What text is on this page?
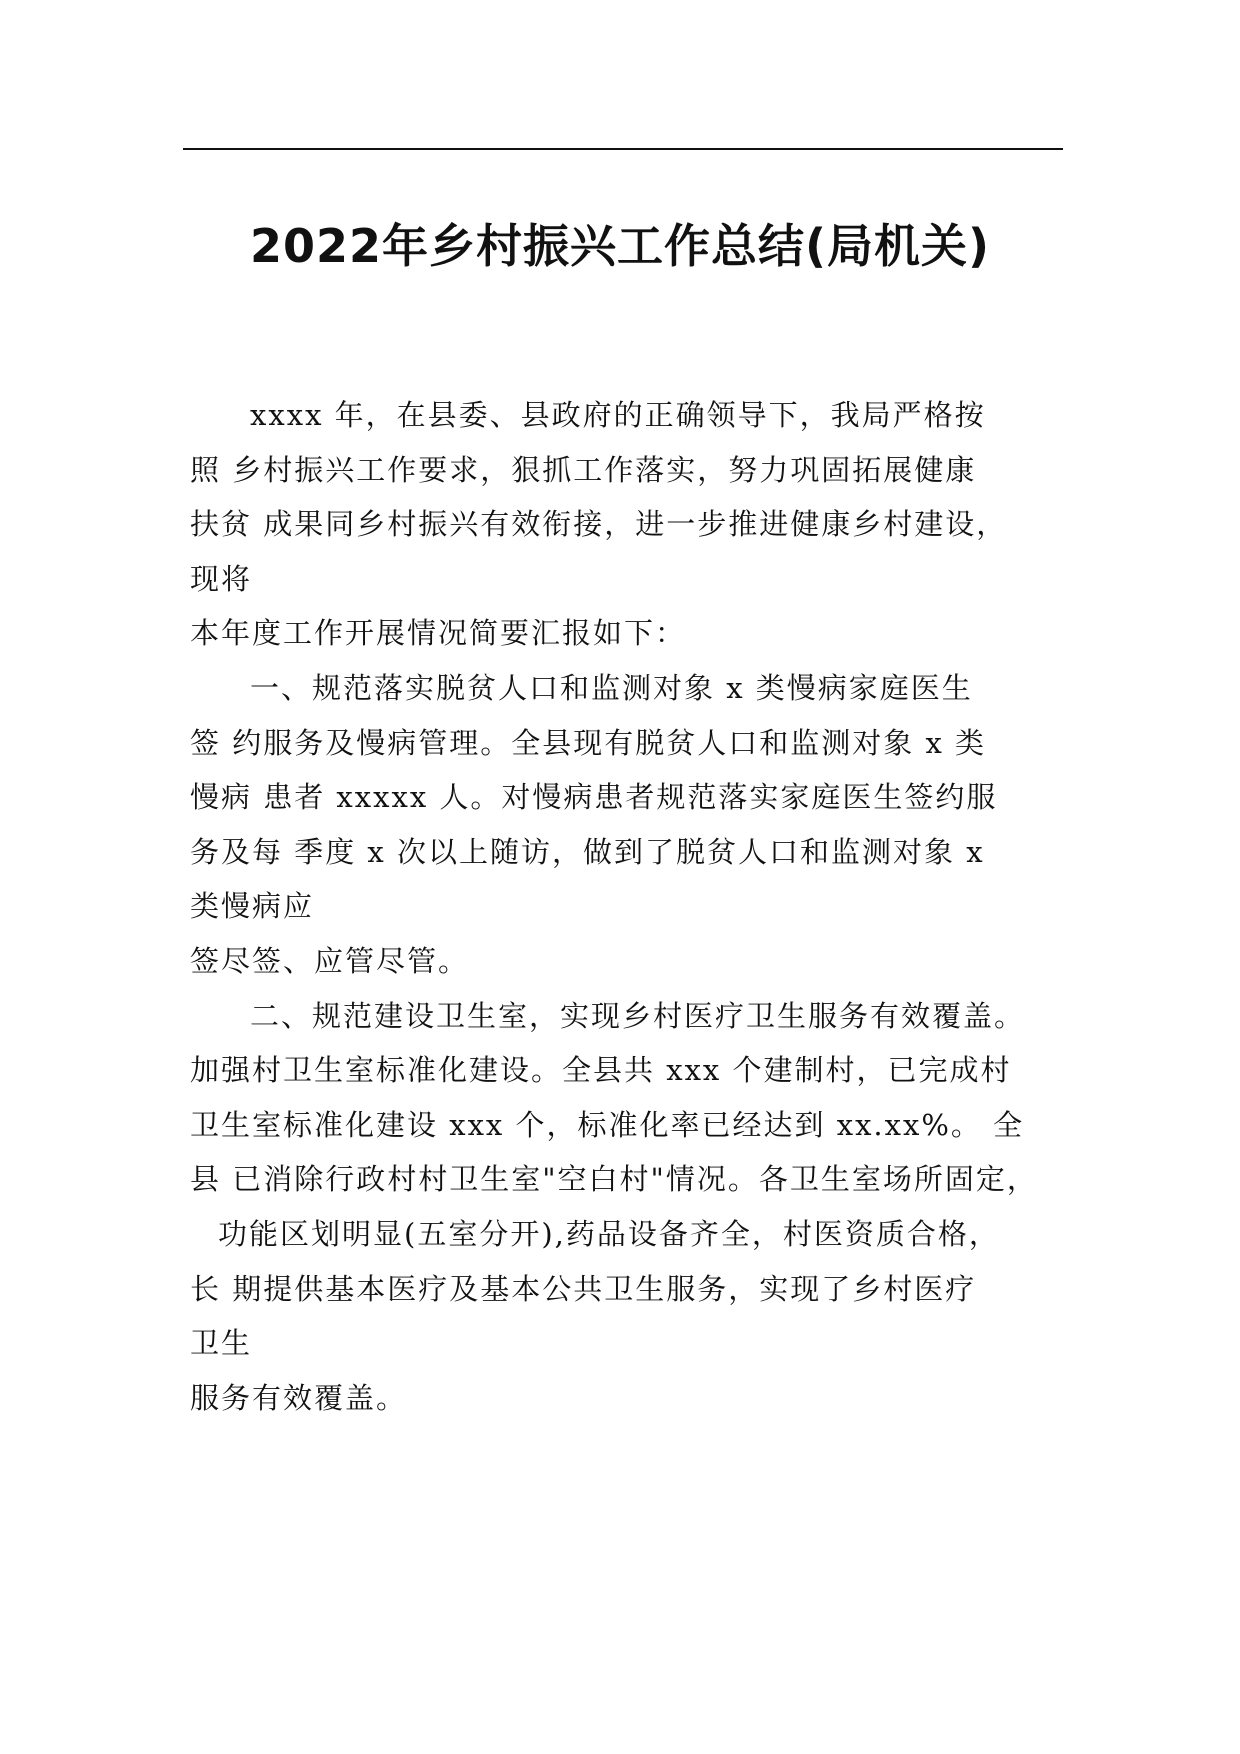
2022年乡村振兴工作总结(局机关)
xxxx 年，在县委、县政府的正确领导下，我局严格按
照 乡村振兴工作要求，狠抓工作落实，努力巩固拓展健康
扶贫 成果同乡村振兴有效衔接，进一步推进健康乡村建设，
现将
本年度工作开展情况简要汇报如下：
一、规范落实脱贫人口和监测对象 x 类慢病家庭医生
签 约服务及慢病管理。全县现有脱贫人口和监测对象 x 类
慢病 患者 xxxxx 人。对慢病患者规范落实家庭医生签约服
务及每 季度 x 次以上随访，做到了脱贫人口和监测对象 x
类慢病应
签尽签、应管尽管。
二、规范建设卫生室，实现乡村医疗卫生服务有效覆盖。
加强村卫生室标准化建设。全县共 xxx 个建制村，已完成村
卫生室标准化建设 xxx 个，标准化率已经达到 xx.xx%。 全
县 已消除行政村村卫生室"空白村"情况。各卫生室场所固定，
功能区划明显(五室分开),药品设备齐全，村医资质合格，
长 期提供基本医疗及基本公共卫生服务，实现了乡村医疗
卫生
服务有效覆盖。
